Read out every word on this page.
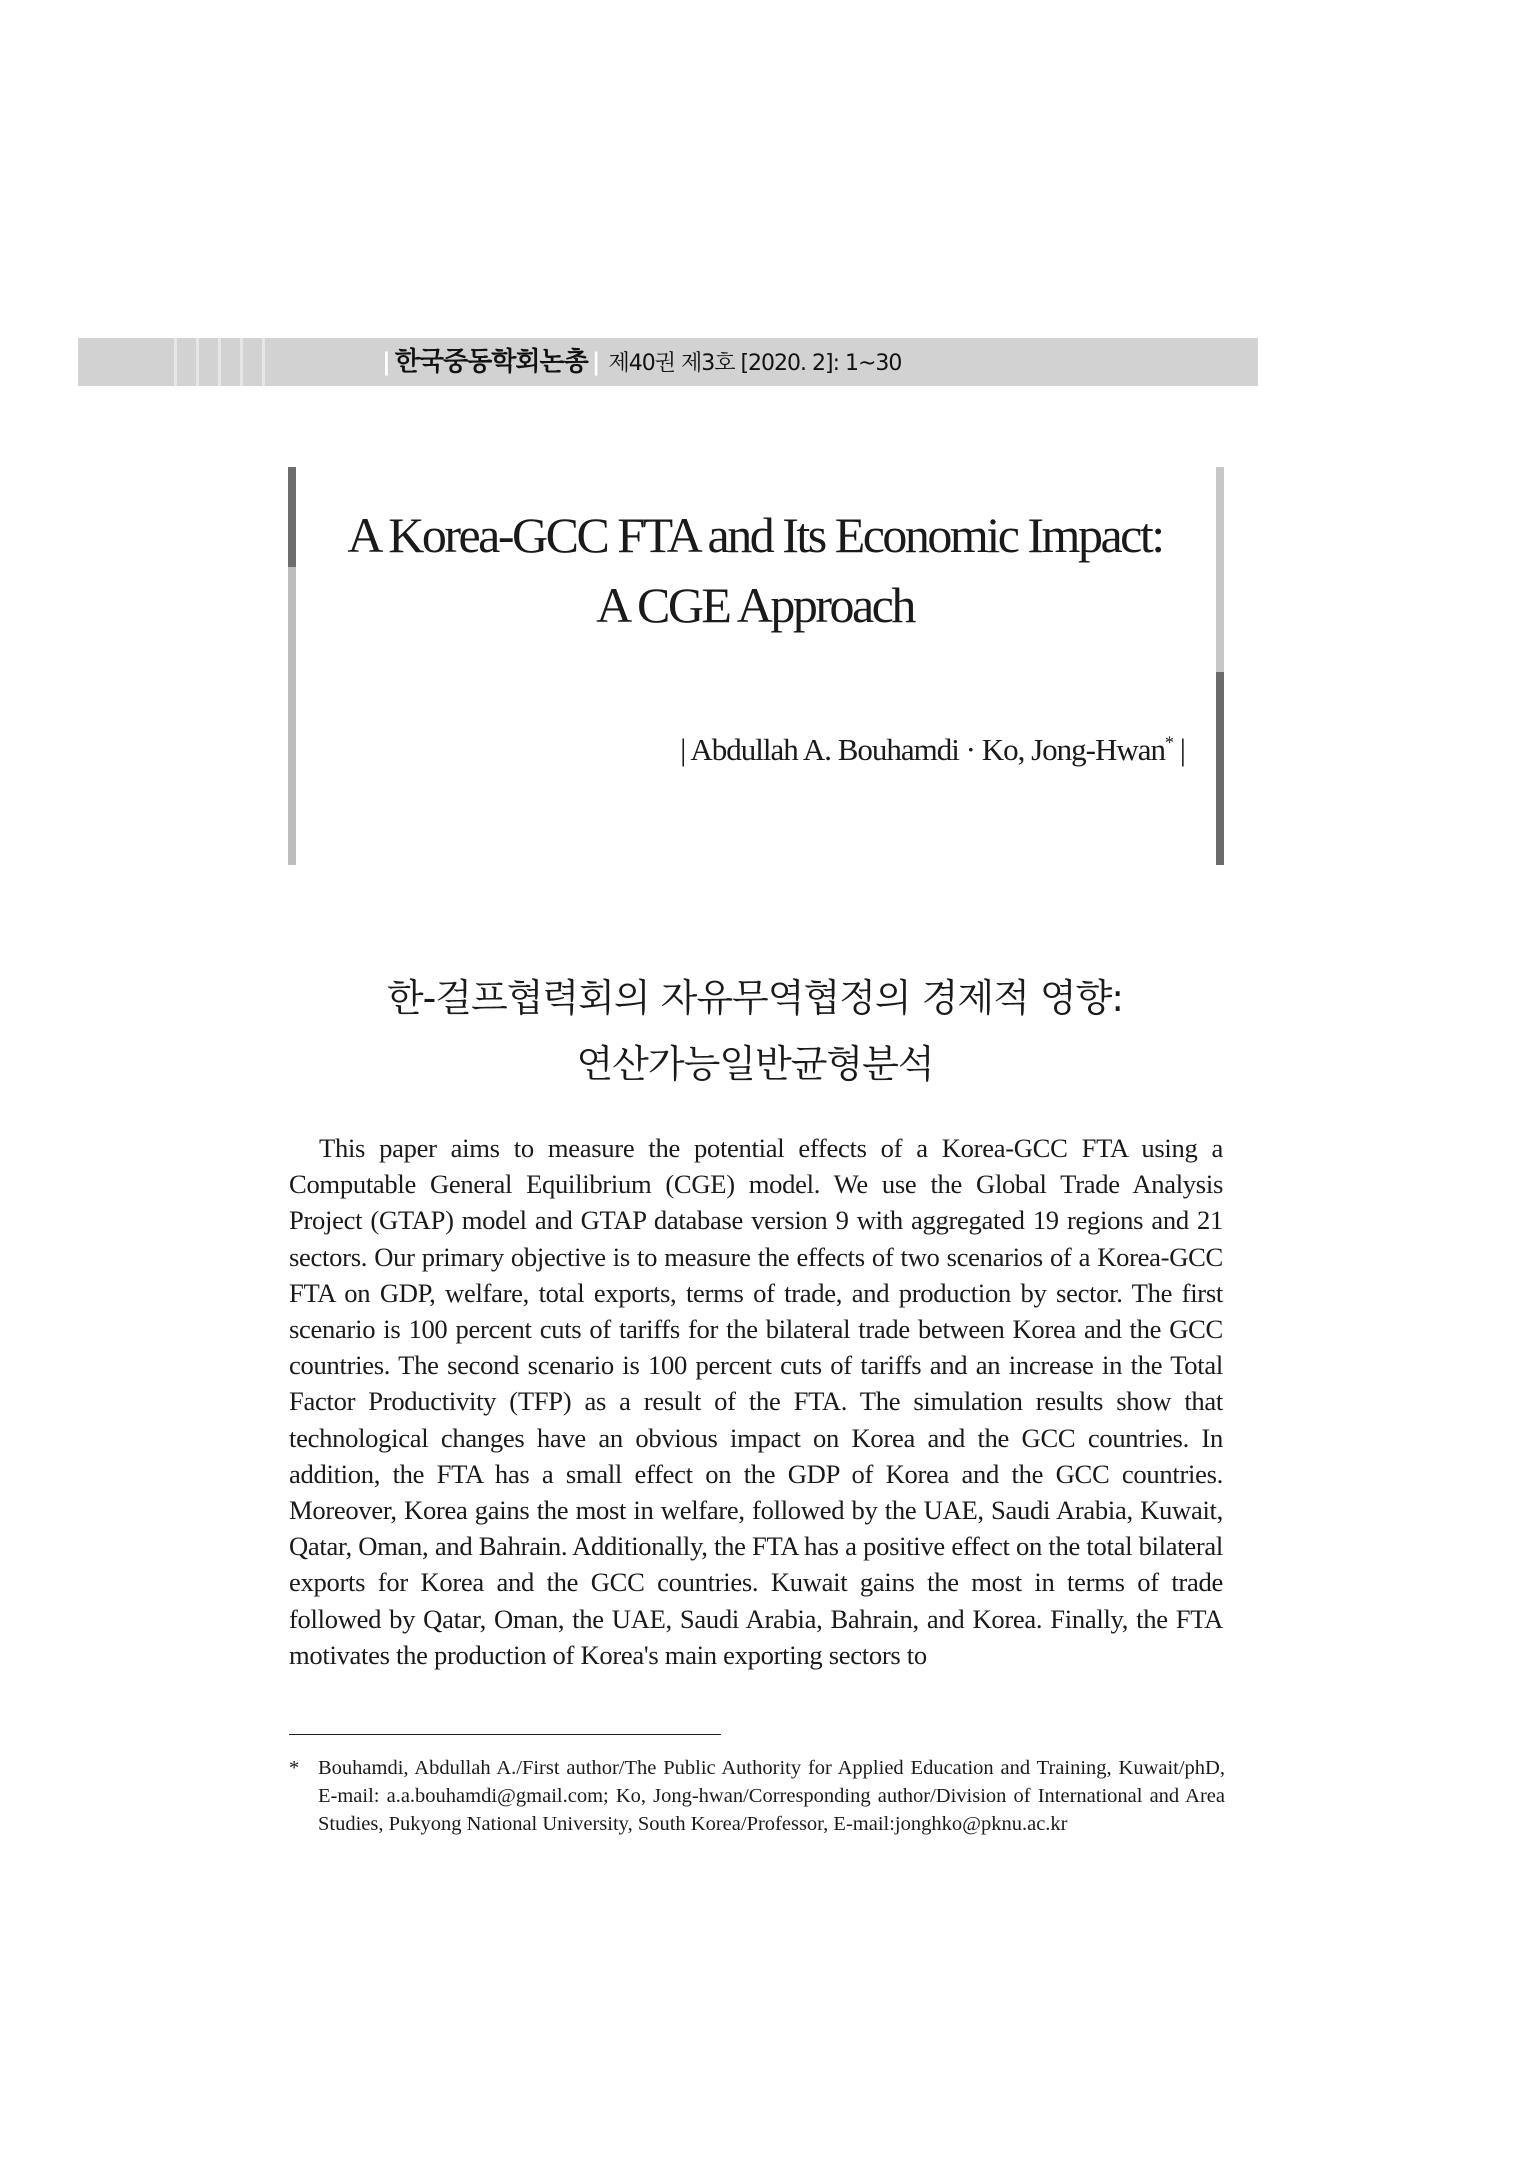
| 한국중동학회논총 | 제40권 제3호 [2020. 2]: 1~30
A Korea-GCC FTA and Its Economic Impact:
A CGE Approach
| Abdullah A. Bouhamdi · Ko, Jong-Hwan* |
한-걸프협력회의 자유무역협정의 경제적 영향:
연산가능일반균형분석

This paper aims to measure the potential effects of a Korea-GCC FTA using a Computable General Equilibrium (CGE) model. We use the Global Trade Analysis Project (GTAP) model and GTAP database version 9 with aggregated 19 regions and 21 sectors. Our primary objective is to measure the effects of two scenarios of a Korea-GCC FTA on GDP, welfare, total exports, terms of trade, and production by sector. The first scenario is 100 percent cuts of tariffs for the bilateral trade between Korea and the GCC countries. The second scenario is 100 percent cuts of tariffs and an increase in the Total Factor Productivity (TFP) as a result of the FTA. The simulation results show that technological changes have an obvious impact on Korea and the GCC countries. In addition, the FTA has a small effect on the GDP of Korea and the GCC countries. Moreover, Korea gains the most in welfare, followed by the UAE, Saudi Arabia, Kuwait, Qatar, Oman, and Bahrain. Additionally, the FTA has a positive effect on the total bilateral exports for Korea and the GCC countries. Kuwait gains the most in terms of trade followed by Qatar, Oman, the UAE, Saudi Arabia, Bahrain, and Korea. Finally, the FTA motivates the production of Korea's main exporting sectors to

* Bouhamdi, Abdullah A./First author/The Public Authority for Applied Education and Training, Kuwait/phD, E-mail: a.a.bouhamdi@gmail.com; Ko, Jong-hwan/Corresponding author/Division of International and Area Studies, Pukyong National University, South Korea/Professor, E-mail:jonghko@pknu.ac.kr
